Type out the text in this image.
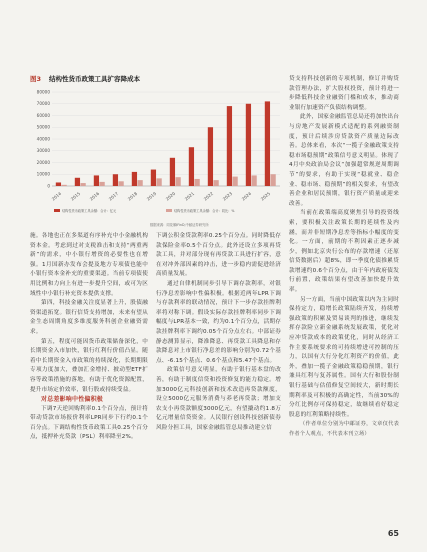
图3 结构性货币政策工具扩容降成本
0
10000
20000
30000
40000
50000
60000
70000
80000
2014 2015 2016 2017 2018 2019 2020 2021 2022 2023 2024 2025
结构性货币政策工具余额：合计：亿元	结构性货币政策工具余额：合计：同比：%
数据来源：同花顺iFinD,中邮证券研究所

施。各地也正在多渠道有序补充中小金融机构资本金。考虑到过对支税准击和支持“两重两新”的需求，中小银行增资的必要性也在增强。1月国新办发布会提及地方专项债也能中小银行资本金补充的重要渠道。当前专项债使用比例和力向上有进一步提升空间，或可为区域性中小银行补充资本提供支撑。

第四，科技金融关注度显著上升，股债融资渠道拓宽。银行信贷支持增加，未来有望从金生态周期角度多维度服务科创企业融资需求。

第五，程度可能因货币政策储备深化，中长期资金入市加快，银行红利行价值凸显。随着中长期资金入市政策的持续深化，长期期限专项力度加大，叠加汇金增持、披动型ETF扩容等政策措施的落地，有助于优化资源配置，提升市场定价效率，银行股或持续受益。

对总差影响中性偏积极

下调7天逆回购利率0.1个百分点，预计将带动贷款市场报价利率LPR同步下行约0.1个百分点。下调结构性货币政策工具0.25个百分点，抵押补充贷款（PSL）利率降至2%。

下调公积金贷款利率0.25个百分点。同时降低存款保险金率0.5个百分点。此外还设立多项再贷款工具，并对部分现有再贷款工具进行扩容，意在对冲外部因素的冲击，进一步稳内需促进经济高质量发展。

通过自律机制同步引导下调存款利率，对银行净息差影响中性偏积极。根据近两年LPR下调与存款利率的联动情况，预计下一步存款挂牌利率将对称下调。假设实际存款挂牌利率同步下调幅度与LPR基本一致，约为0.1个百分点，活期存款挂牌利率下调约0.05个百分点左右。中部证券静态测算显示，降准降息、再贷款工具降息和存款降息对上市银行净息差的影响分别为0.72个基点、-6.15个基点、0.6个基点和5.47个基点。

政策信号意义明显，有助于银行基本盘的改善，有助于制度信贷和投资修复的能力稳定。增加3000亿元科技创新和技术改造再贷款额度，设立5000亿元服务消费与养老再贷款；增加支农支小再贷款额度3000亿元，有望撬动约1.8万亿元增量信贷资金。人民银行创设科技创新债券风险分担工具，国家金融监管总局推动建立信

贷支持科技创新的专项机制，修订并购贷款管理办法，扩大股权投资，预计将进一步降低科技企业融资门槛和成本，推动商业银行加速资产负债结构调整。

此外，国家金融监管总局还将加快出台与房地产发展新模式适配的系列融资制度，预计后续涉房贷款资产质量边际改善。总体来看，本次“一揽子金融政策支持稳市场稳预期”政策信号意义明显。体现了4月中央政治局会议“加强超常规逆周期调节”的要求，有助于实现“稳就业、稳企业、稳市场、稳预期”的相关要求，有望改善企业和居民预期，银行资产质量或迎来改善。

当前在政策端高度聚焦引导的投资线索，要积极关注政策长期的延续性及内涵，而并非短期净息差等指标小幅度的变化。一方面，前期的不利因素正逐步减少，例如北京央行公布的存款增速（还原信贷数据后）超8%，即一季度化债推累贷款增速约0.6个百分点，由于年内政府债发行前置，政策结果有望改善加快提升效率。

另一方面，当前中国政策以内为主同时保持定力，稳增长政策陆续齐发，持续增强政策的积累及贸易谈判的推进，继续发挥存款险立新金融系统发展政策，优化对应冲贷款成本的政策优化，同时从经济工作主要系统要求的可持续增进可控制的压力，以国有大行分化红利资产的价值，此外，叠加一揽子金融政策稳稳预期，银行兼具红利与复苏属性。国有大行和股份制银行基础与估值修复空间较大，新时期长期利率及可积极的高确定性，当前30%的分红比例存可保持稳定，故继续看好稳定股息的红利策略持续性。

（作者单位分别为中邮证券，文章仅代表作者个人观点，不代表本刊立场）

65
